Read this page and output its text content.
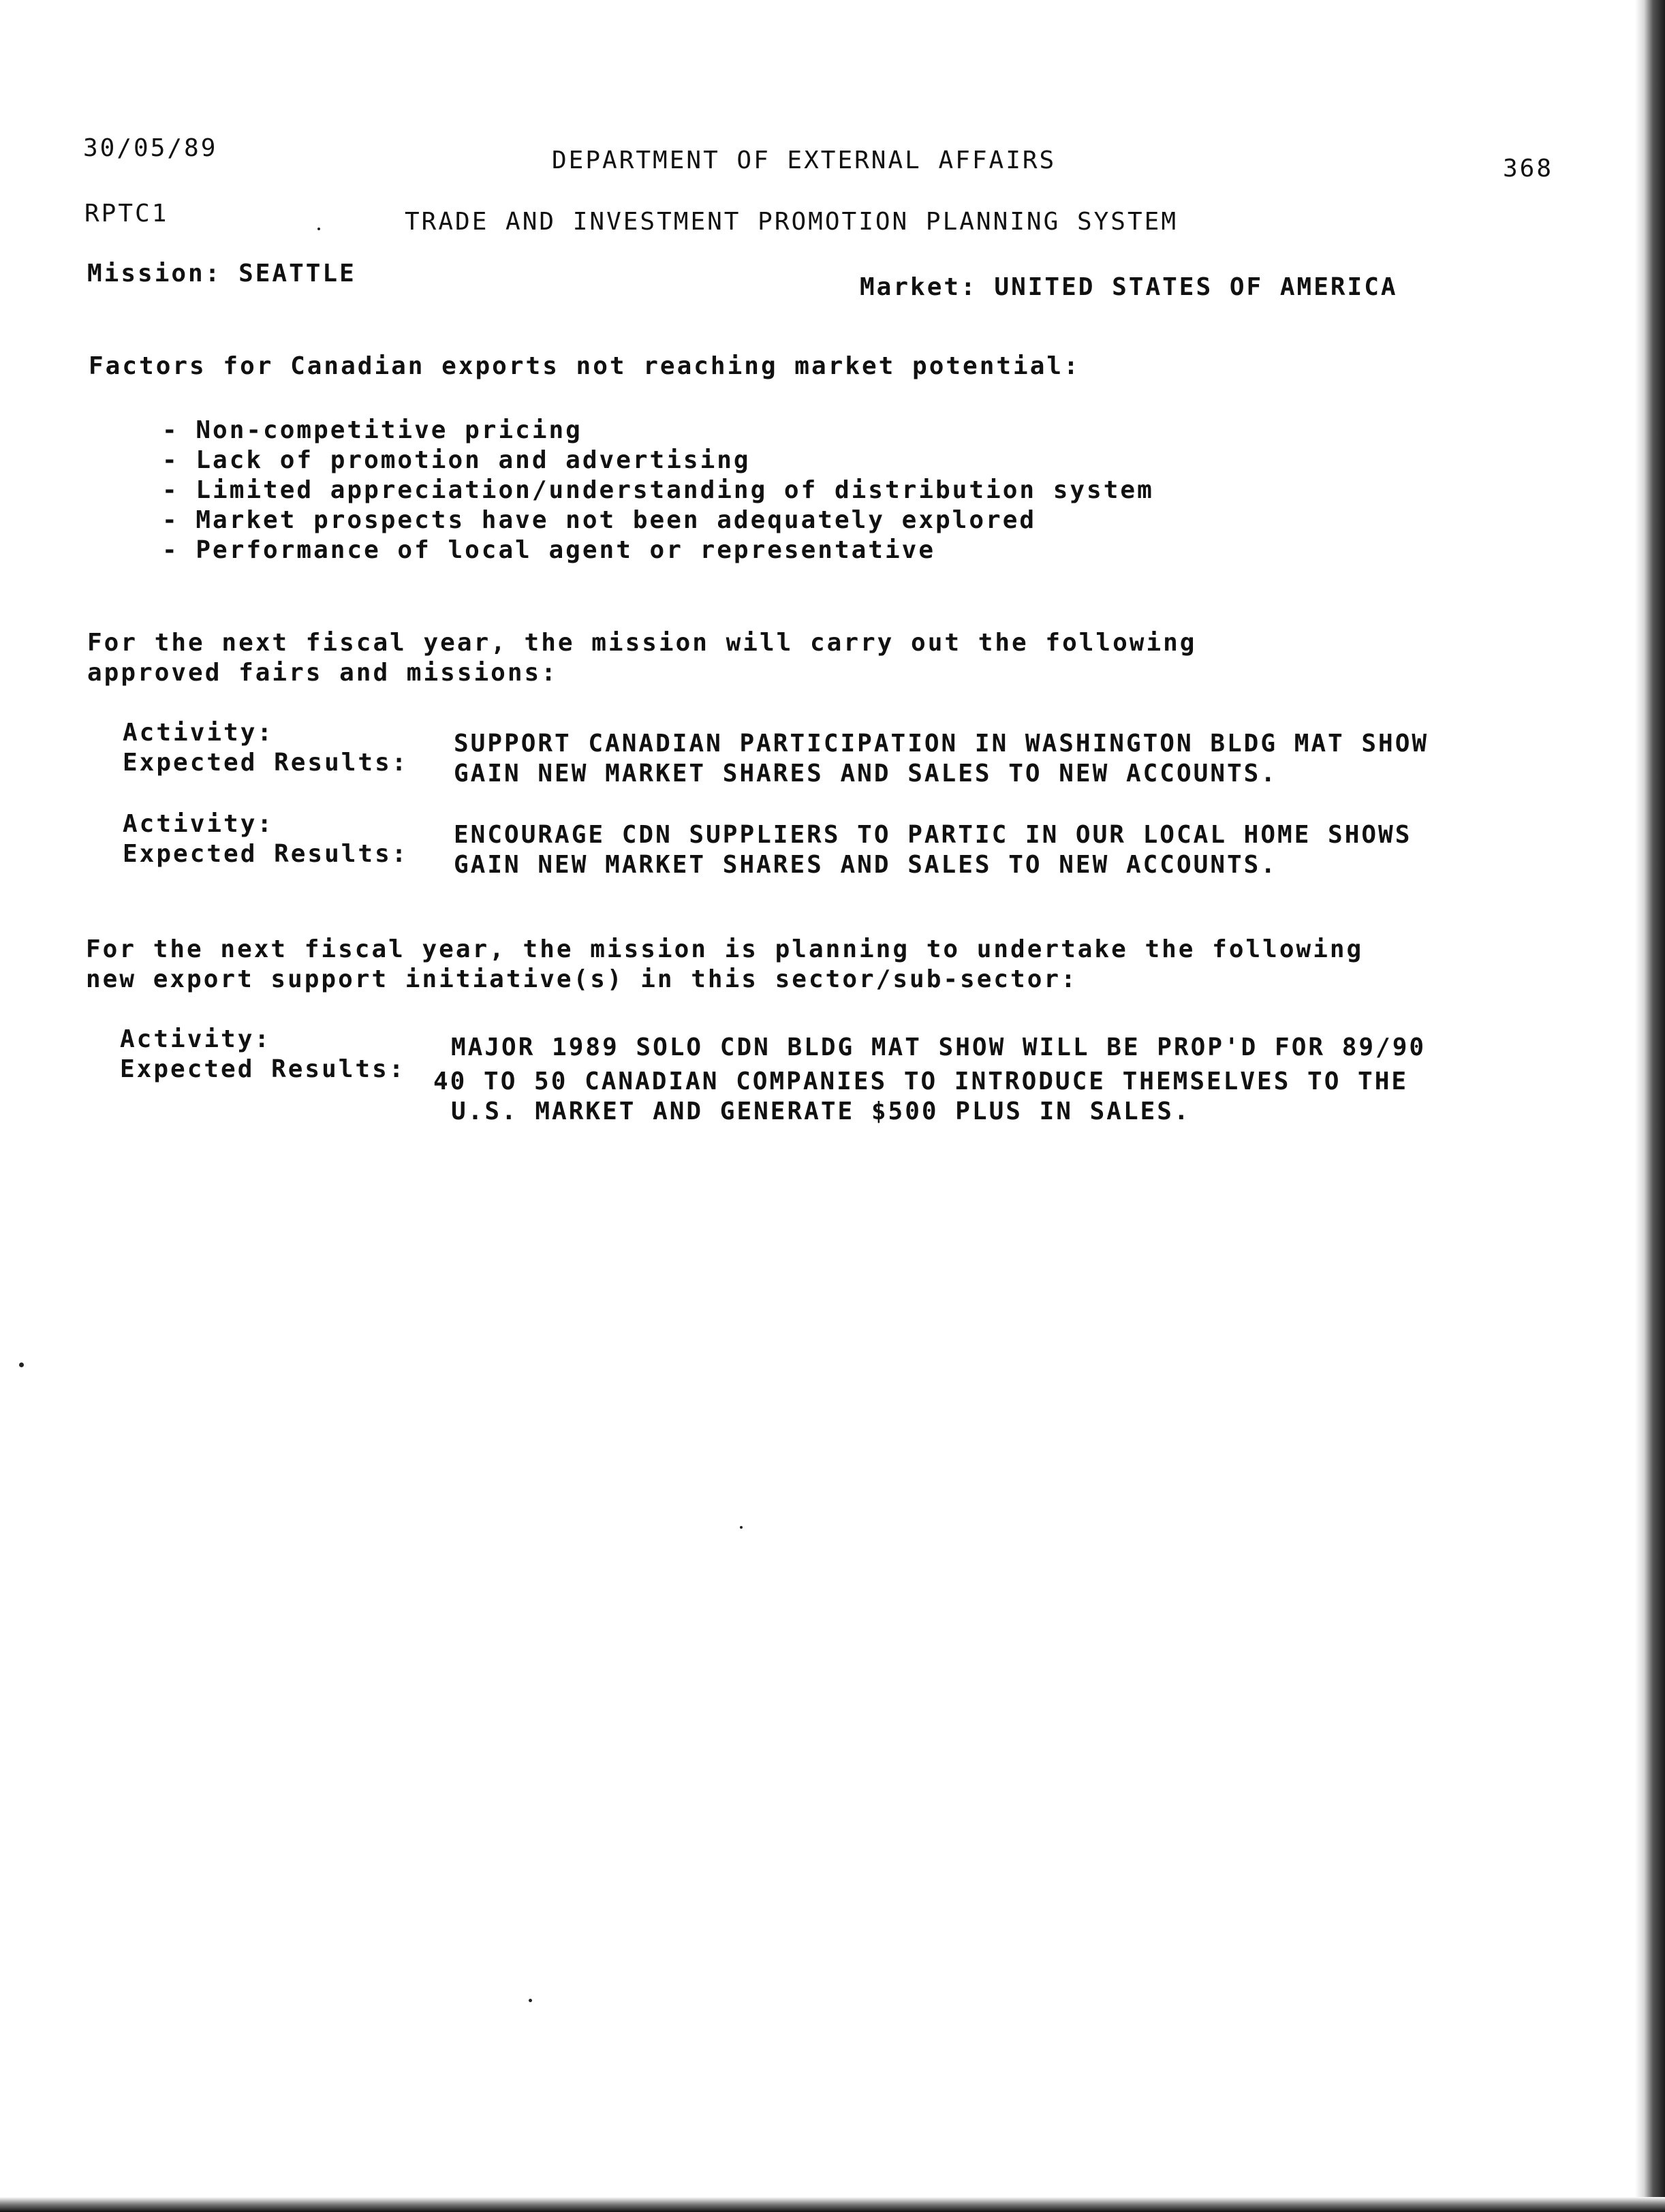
30/05/89	DEPARTMENT OF EXTERNAL AFFAIRS	368
RPTC1	TRADE AND INVESTMENT PROMOTION PLANNING SYSTEM
Mission: SEATTLE	Market: UNITED STATES OF AMERICA
Factors for Canadian exports not reaching market potential:
- Non-competitive pricing
- Lack of promotion and advertising
- Limited appreciation/understanding of distribution system
- Market prospects have not been adequately explored
- Performance of local agent or representative
For the next fiscal year, the mission will carry out the following
approved fairs and missions:
Activity:	SUPPORT CANADIAN PARTICIPATION IN WASHINGTON BLDG MAT SHOW
Expected Results: GAIN NEW MARKET SHARES AND SALES TO NEW ACCOUNTS.
Activity:	ENCOURAGE CDN SUPPLIERS TO PARTIC IN OUR LOCAL HOME SHOWS
Expected Results: GAIN NEW MARKET SHARES AND SALES TO NEW ACCOUNTS.
For the next fiscal year, the mission is planning to undertake the following
new export support initiative(s) in this sector/sub-sector:
Activity:	MAJOR 1989 SOLO CDN BLDG MAT SHOW WILL BE PROP'D FOR 89/90
Expected Results: 40 TO 50 CANADIAN COMPANIES TO INTRODUCE THEMSELVES TO THE
U.S. MARKET AND GENERATE $500 PLUS IN SALES.
